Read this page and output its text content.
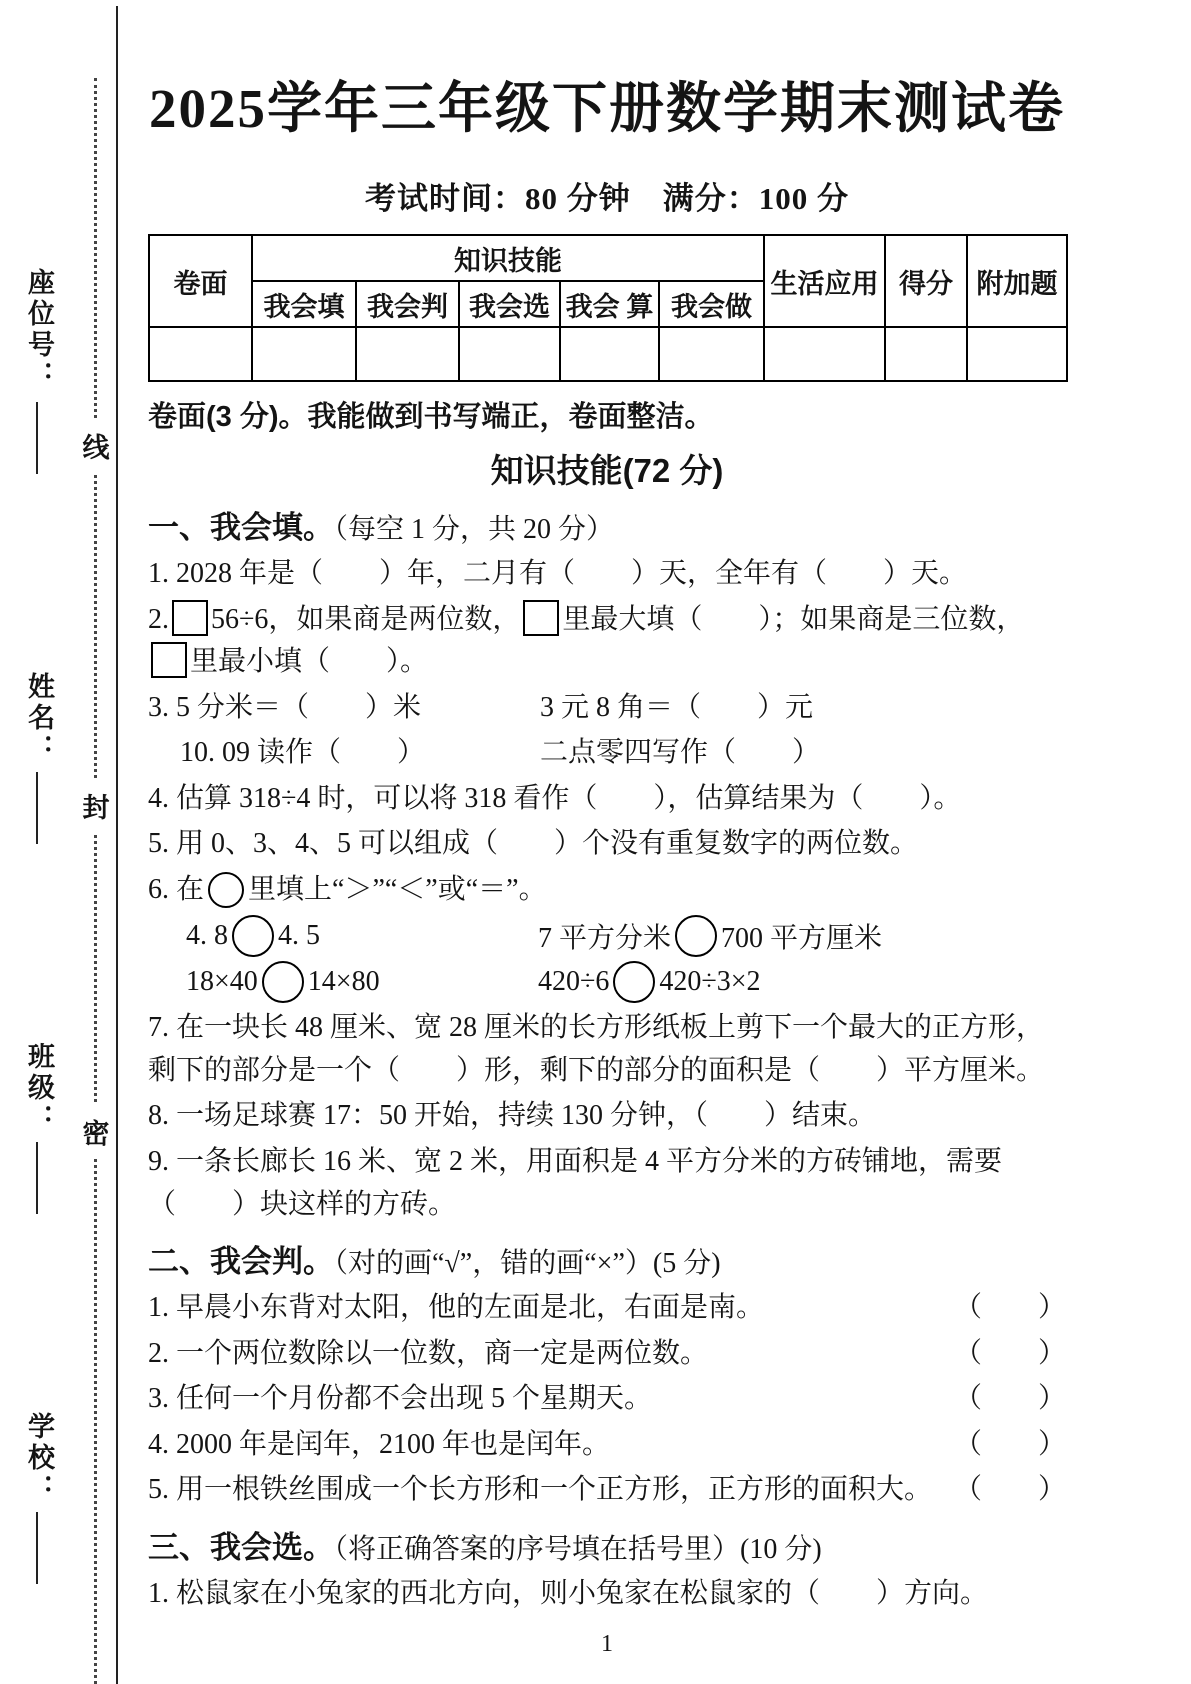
座位号：
姓名：
班级：
学校：
线
封
密
2025学年三年级下册数学期末测试卷
考试时间：80 分钟　满分：100 分
卷面	知识技能					生活应用	得分	附加题
	我会填	我会判	我会选	我会 算	我会做			

卷面(3 分)。我能做到书写端正，卷面整洁。
知识技能(72 分)
一、我会填。（每空 1 分，共 20 分）
1. 2028 年是（　　）年，二月有（　　）天，全年有（　　）天。
2. 56÷6，如果商是两位数， 里最大填（　　）；如果商是三位数，
里最小填（　　）。
3. 5 分米＝（　　）米	3 元 8 角＝（　　）元
10. 09 读作（　　）	二点零四写作（　　）
4. 估算 318÷4 时，可以将 318 看作（　　），估算结果为（　　）。
5. 用 0、3、4、5 可以组成（　　）个没有重复数字的两位数。
6. 在 里填上“＞”“＜”或“＝”。
4. 8 4. 5	7 平方分米 700 平方厘米
18×40 14×80	420÷6 420÷3×2
7. 在一块长 48 厘米、宽 28 厘米的长方形纸板上剪下一个最大的正方形，剩下的部分是一个（　　）形，剩下的部分的面积是（　　）平方厘米。
8. 一场足球赛 17：50 开始，持续 130 分钟，（　　）结束。
9. 一条长廊长 16 米、宽 2 米，用面积是 4 平方分米的方砖铺地，需要（　　）块这样的方砖。
二、我会判。（对的画“√”，错的画“×”）(5 分)
1. 早晨小东背对太阳，他的左面是北，右面是南。	（　　）
2. 一个两位数除以一位数，商一定是两位数。	（　　）
3. 任何一个月份都不会出现 5 个星期天。	（　　）
4. 2000 年是闰年，2100 年也是闰年。	（　　）
5. 用一根铁丝围成一个长方形和一个正方形，正方形的面积大。 （　　）
三、我会选。（将正确答案的序号填在括号里）(10 分)
1. 松鼠家在小兔家的西北方向，则小兔家在松鼠家的（　　）方向。
1
